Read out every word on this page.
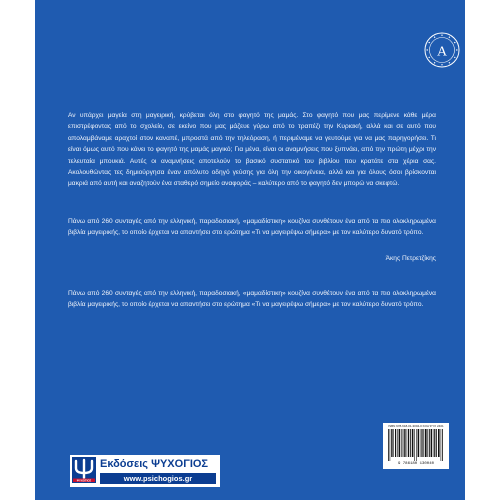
A

Αν υπάρχει μαγεία στη μαγειρική, κρύβεται όλη στο φαγητό της μαμάς. Στο φαγητό που μας περίμενε κάθε μέρα επιστρέφοντας από το σχολείο, σε εκείνο που μας μάζευε γύρω από το τραπέζι την Κυριακή, αλλά και σε αυτό που απολαμβάναμε αραχτοί στον καναπέ, μπροστά από την τηλεόραση, ή περιμέναμε να γευτούμε για να μας παρηγορήσει. Τι είναι όμως αυτό που κάνει το φαγητό της μαμάς μαγικό; Για μένα, είναι οι αναμνήσεις που ξυπνάει, από την πρώτη μέχρι την τελευταία μπουκιά. Αυτές οι αναμνήσεις αποτελούν το βασικό συστατικό του βιβλίου που κρατάτε στα χέρια σας. Ακολουθώντας τες δημιούργησα έναν απόλυτο οδηγό γεύσης για όλη την οικογένεια, αλλά και για όλους όσοι βρίσκονται μακριά από αυτή και αναζητούν ένα σταθερό σημείο αναφοράς – καλύτερο από το φαγητό δεν μπορώ να σκεφτώ.

Πάνω από 260 συνταγές από την ελληνική, παραδοσιακή, «μαμαδίστικη» κουζίνα συνθέτουν ένα από τα πιο ολοκληρωμένα βιβλία μαγειρικής, το οποίο έρχεται να απαντήσει στο ερώτημα «Τι να μαγειρέψω σήμερα» με τον καλύτερο δυνατό τρόπο.

Άκης Πετρετζίκης

Πάνω από 260 συνταγές από την ελληνική, παραδοσιακή, «μαμαδίστικη» κουζίνα συνθέτουν ένα από τα πιο ολοκληρωμένα βιβλία μαγειρικής, το οποίο έρχεται να απαντήσει στο ερώτημα «Τι να μαγειρέψω σήμερα» με τον καλύτερο δυνατό τρόπο.

ISBN 978-618-01-3004-0 KOA ΨΥΧ 2401
9 786180 130040
ΨΥΧΟΓΙΟΣ
Εκδόσεις ΨΥΧΟΓΙΟΣ
www.psichogios.gr
